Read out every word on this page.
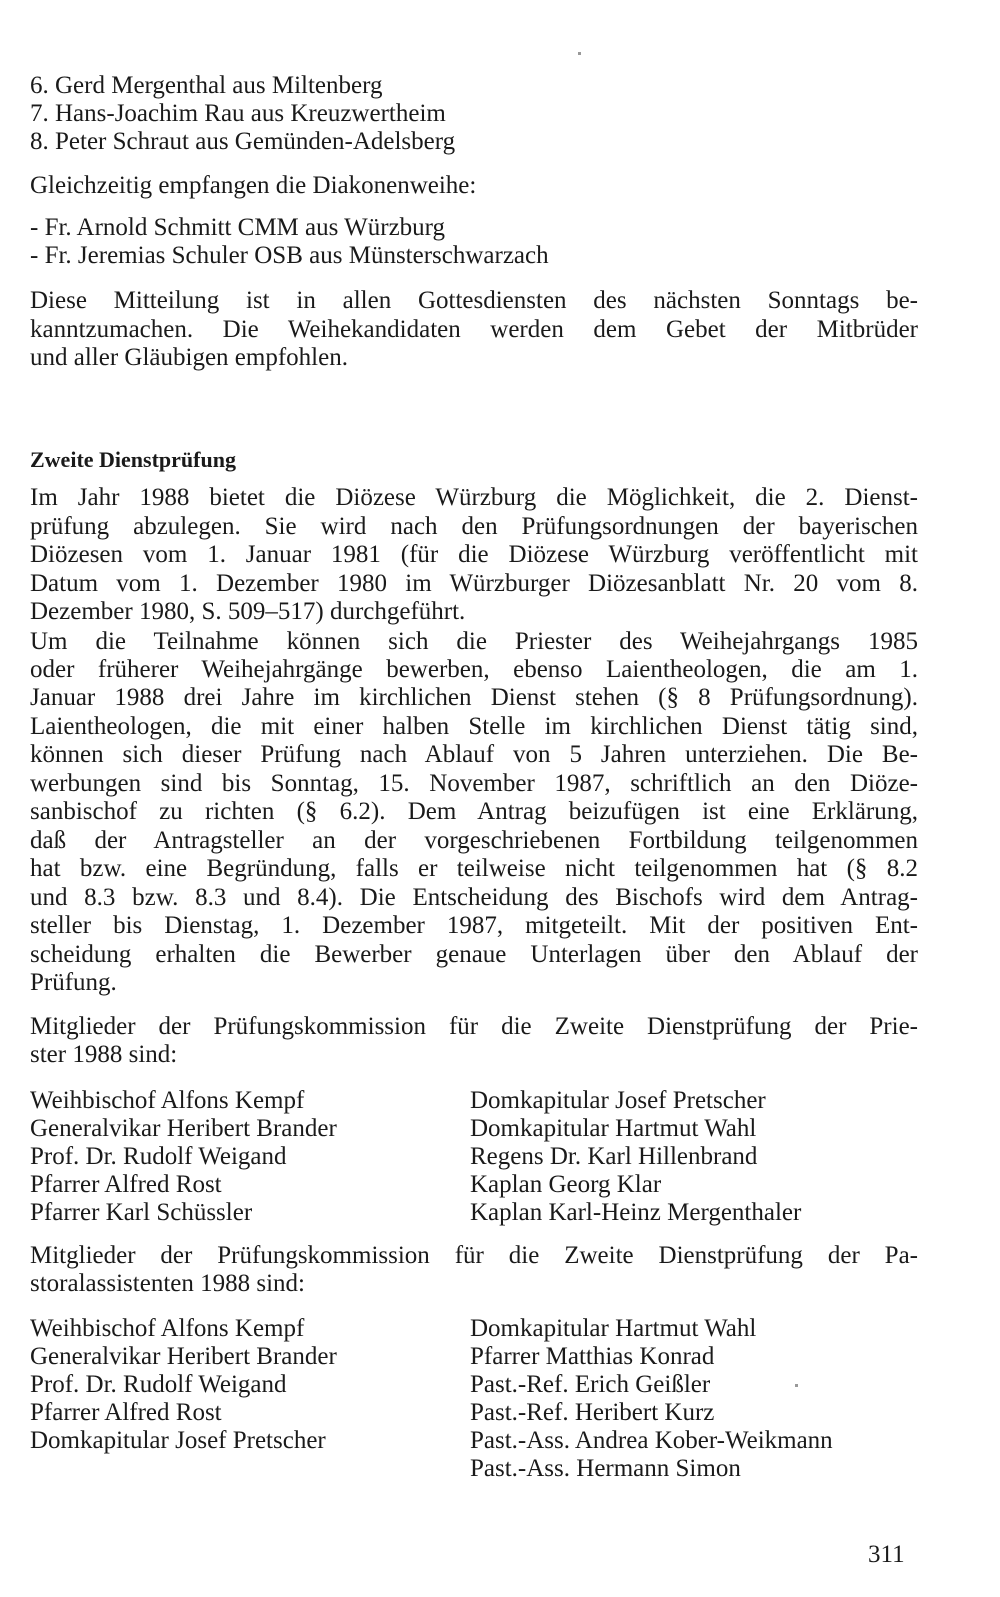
6. Gerd Mergenthal aus Miltenberg
7. Hans-Joachim Rau aus Kreuzwertheim
8. Peter Schraut aus Gemünden-Adelsberg
Gleichzeitig empfangen die Diakonenweihe:
- Fr. Arnold Schmitt CMM aus Würzburg
- Fr. Jeremias Schuler OSB aus Münsterschwarzach
Diese Mitteilung ist in allen Gottesdiensten des nächsten Sonntags be-
kanntzumachen. Die Weihekandidaten werden dem Gebet der Mitbrüder
und aller Gläubigen empfohlen.
Zweite Dienstprüfung
Im Jahr 1988 bietet die Diözese Würzburg die Möglichkeit, die 2. Dienst-
prüfung abzulegen. Sie wird nach den Prüfungsordnungen der bayerischen
Diözesen vom 1. Januar 1981 (für die Diözese Würzburg veröffentlicht mit
Datum vom 1. Dezember 1980 im Würzburger Diözesanblatt Nr. 20 vom 8.
Dezember 1980, S. 509–517) durchgeführt.
Um die Teilnahme können sich die Priester des Weihejahrgangs 1985
oder früherer Weihejahrgänge bewerben, ebenso Laientheologen, die am 1.
Januar 1988 drei Jahre im kirchlichen Dienst stehen (§ 8 Prüfungsordnung).
Laientheologen, die mit einer halben Stelle im kirchlichen Dienst tätig sind,
können sich dieser Prüfung nach Ablauf von 5 Jahren unterziehen. Die Be-
werbungen sind bis Sonntag, 15. November 1987, schriftlich an den Diöze-
sanbischof zu richten (§ 6.2). Dem Antrag beizufügen ist eine Erklärung,
daß der Antragsteller an der vorgeschriebenen Fortbildung teilgenommen
hat bzw. eine Begründung, falls er teilweise nicht teilgenommen hat (§ 8.2
und 8.3 bzw. 8.3 und 8.4). Die Entscheidung des Bischofs wird dem Antrag-
steller bis Dienstag, 1. Dezember 1987, mitgeteilt. Mit der positiven Ent-
scheidung erhalten die Bewerber genaue Unterlagen über den Ablauf der
Prüfung.
Mitglieder der Prüfungskommission für die Zweite Dienstprüfung der Prie-
ster 1988 sind:
Weihbischof Alfons Kempf
Generalvikar Heribert Brander
Prof. Dr. Rudolf Weigand
Pfarrer Alfred Rost
Pfarrer Karl Schüssler
Domkapitular Josef Pretscher
Domkapitular Hartmut Wahl
Regens Dr. Karl Hillenbrand
Kaplan Georg Klar
Kaplan Karl-Heinz Mergenthaler
Mitglieder der Prüfungskommission für die Zweite Dienstprüfung der Pa-
storalassistenten 1988 sind:
Weihbischof Alfons Kempf
Generalvikar Heribert Brander
Prof. Dr. Rudolf Weigand
Pfarrer Alfred Rost
Domkapitular Josef Pretscher
Domkapitular Hartmut Wahl
Pfarrer Matthias Konrad
Past.-Ref. Erich Geißler
Past.-Ref. Heribert Kurz
Past.-Ass. Andrea Kober-Weikmann
Past.-Ass. Hermann Simon
311
